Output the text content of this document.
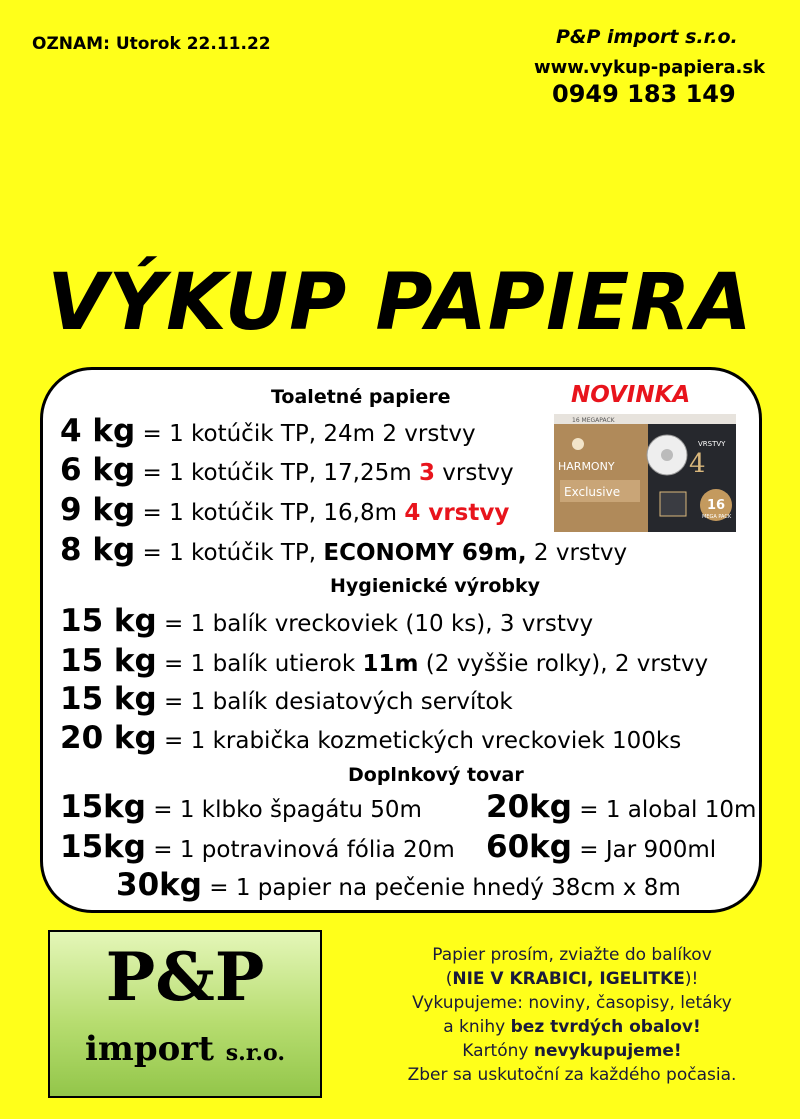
OZNAM: Utorok 22.11.22	P&P import s.r.o.
www.vykup-papiera.sk
0949 183 149
VÝKUP PAPIERA
Toaletné papiere
4 kg = 1 kotúčik TP, 24m 2 vrstvy
6 kg = 1 kotúčik TP, 17,25m 3 vrstvy
9 kg = 1 kotúčik TP, 16,8m 4 vrstvy
8 kg = 1 kotúčik TP, ECONOMY 69m, 2 vrstvy
NOVINKA
16 MEGAPACK
HARMONY
Exclusive
VRSTVY
4
16
MEGA PACK
Hygienické výrobky
15 kg = 1 balík vreckoviek (10 ks), 3 vrstvy
15 kg = 1 balík utierok 11m (2 vyššie rolky), 2 vrstvy
15 kg = 1 balík desiatových servítok
20 kg = 1 krabička kozmetických vreckoviek 100ks
Doplnkový tovar
15kg = 1 klbko špagátu 50m 20kg = 1 alobal 10m
15kg = 1 potravinová fólia 20m 60kg = Jar 900ml
30kg = 1 papier na pečenie hnedý 38cm x 8m
P&P
import s.r.o.

Papier prosím, zviažte do balíkov

(NIE V KRABICI, IGELITKE)!

Vykupujeme: noviny, časopisy, letáky

a knihy bez tvrdých obalov!

Kartóny nevykupujeme!

Zber sa uskutoční za každého počasia.
